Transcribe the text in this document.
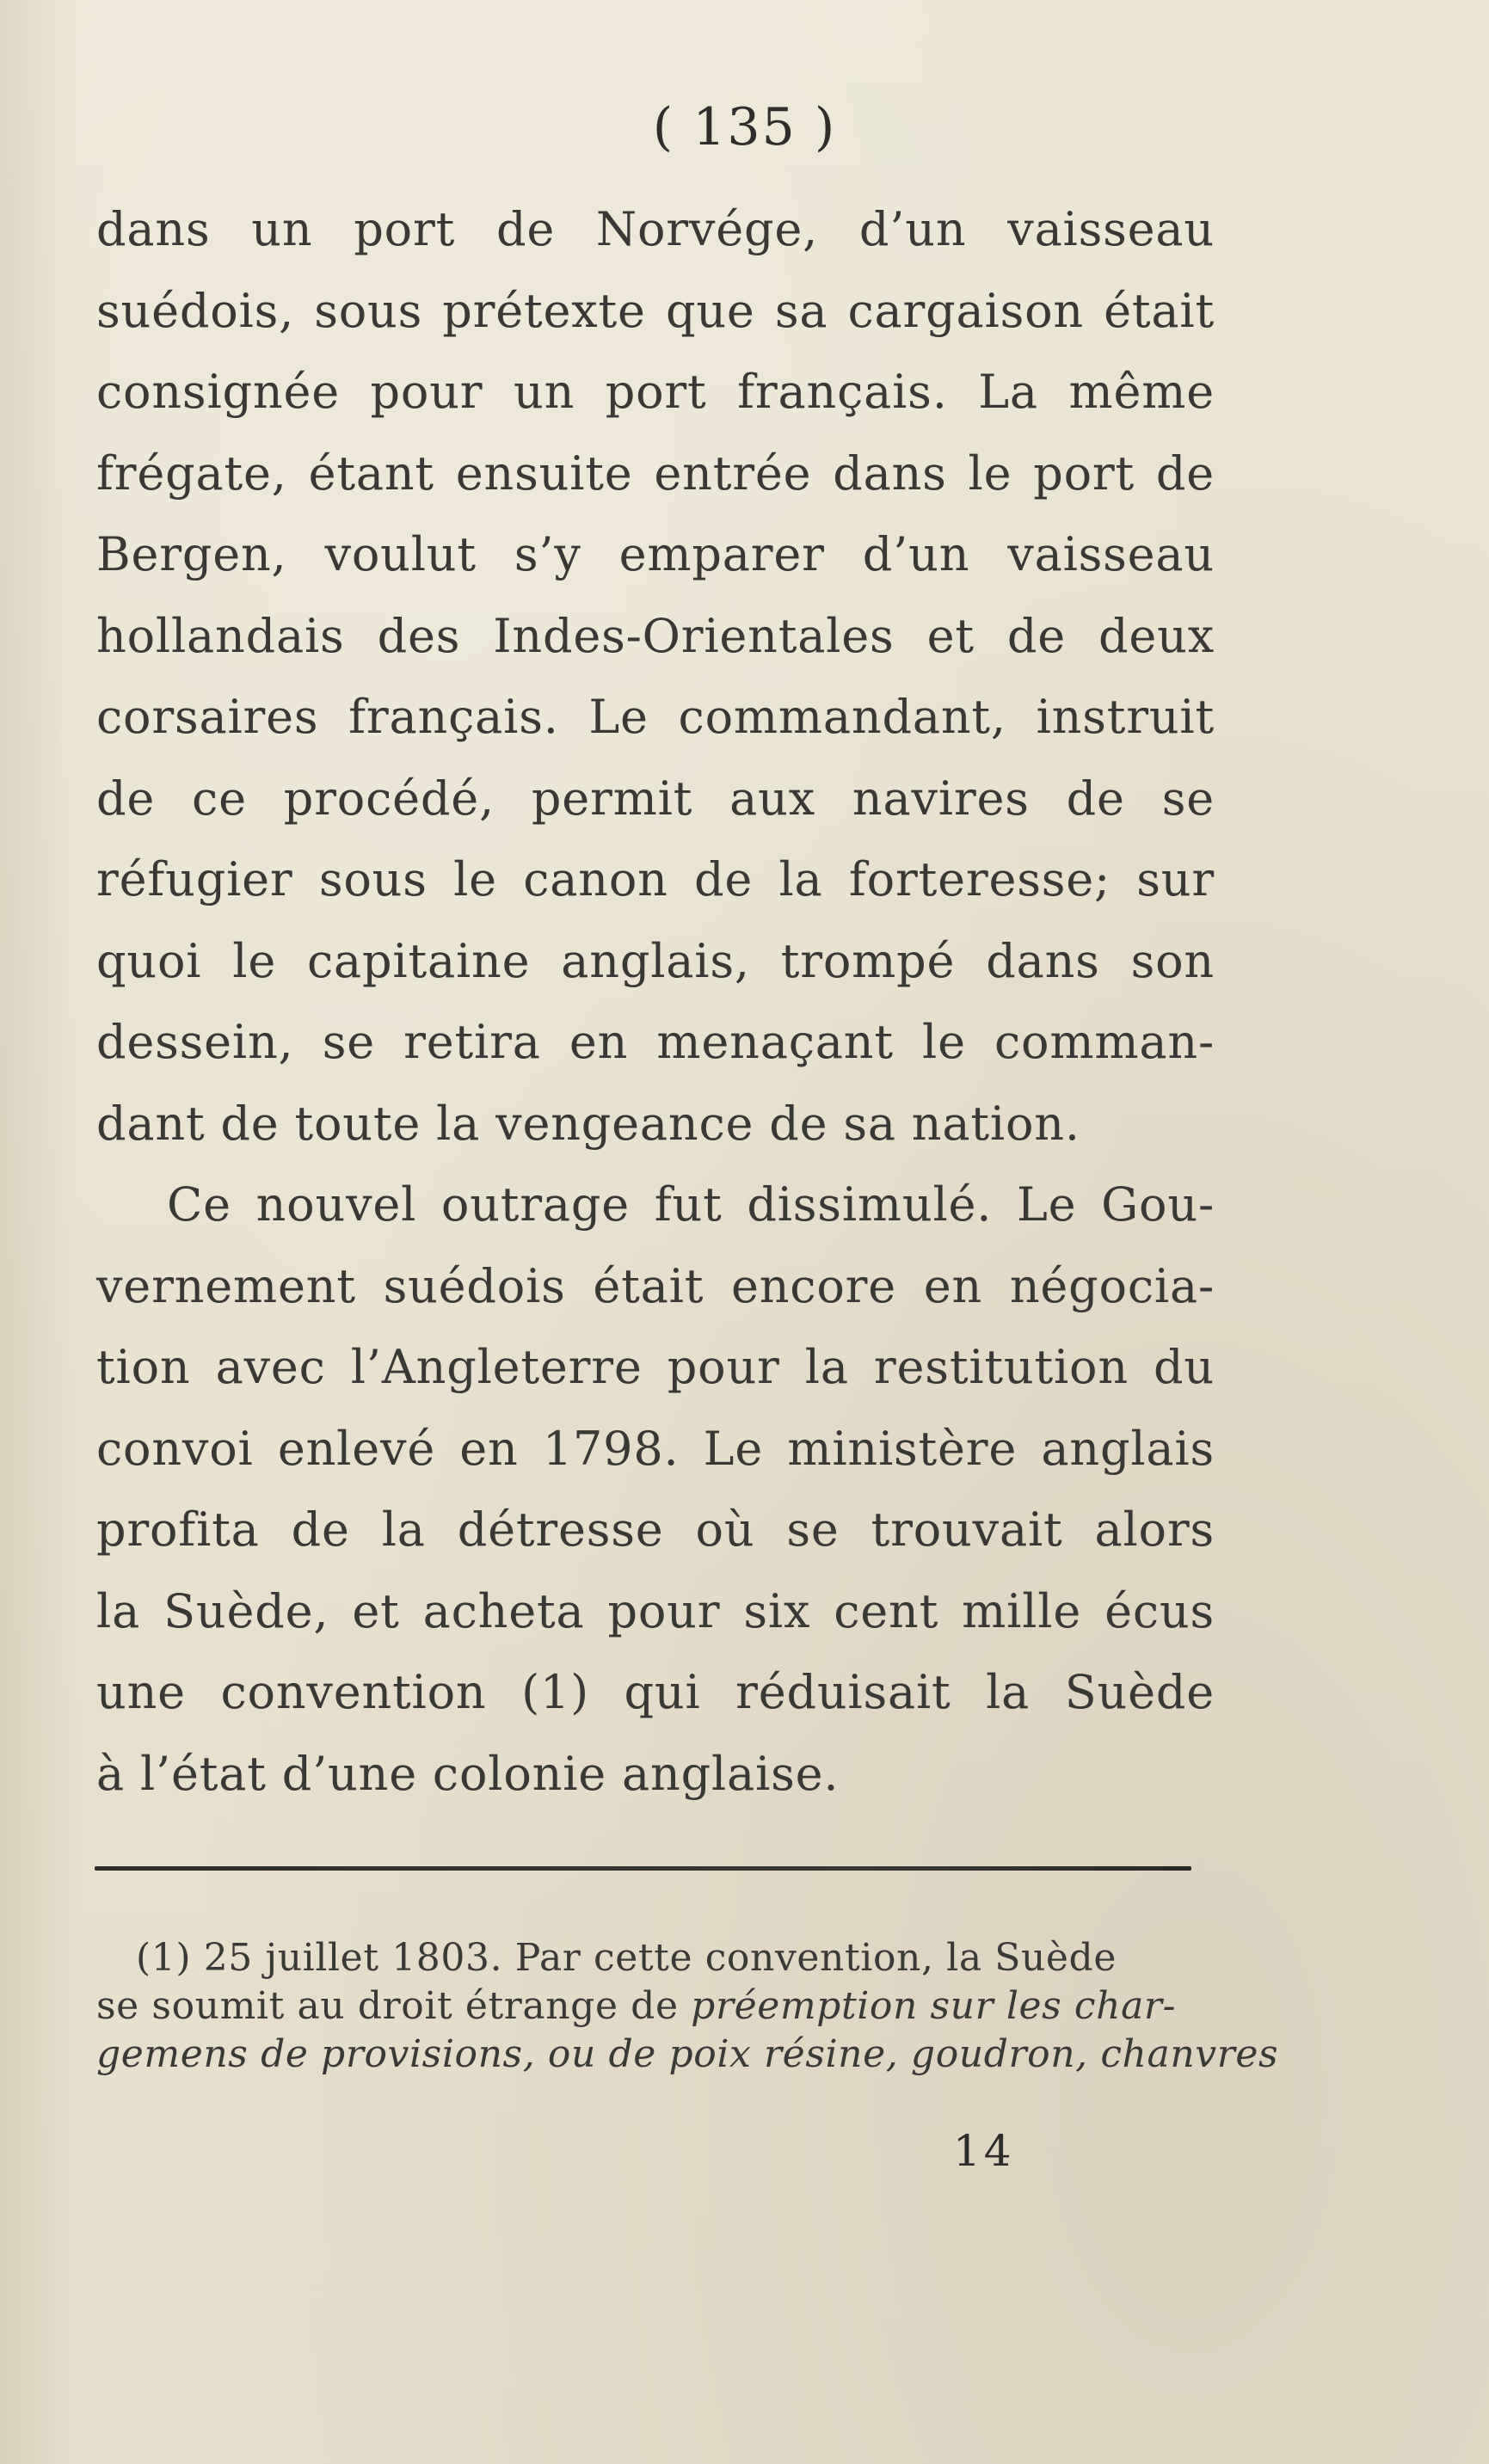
( 135 )
dans un port de Norvége, d’un vaisseau
suédois, sous prétexte que sa cargaison était
consignée pour un port français. La même
frégate, étant ensuite entrée dans le port de
Bergen, voulut s’y emparer d’un vaisseau
hollandais des Indes-Orientales et de deux
corsaires français. Le commandant, instruit
de ce procédé, permit aux navires de se
réfugier sous le canon de la forteresse; sur
quoi le capitaine anglais, trompé dans son
dessein, se retira en menaçant le comman-
dant de toute la vengeance de sa nation.
Ce nouvel outrage fut dissimulé. Le Gou-
vernement suédois était encore en négocia-
tion avec l’Angleterre pour la restitution du
convoi enlevé en 1798. Le ministère anglais
profita de la détresse où se trouvait alors
la Suède, et acheta pour six cent mille écus
une convention (1) qui réduisait la Suède
à l’état d’une colonie anglaise.
(1) 25 juillet 1803. Par cette convention, la Suède
se soumit au droit étrange de préemption sur les char-
gemens de provisions, ou de poix résine, goudron, chanvres
14
